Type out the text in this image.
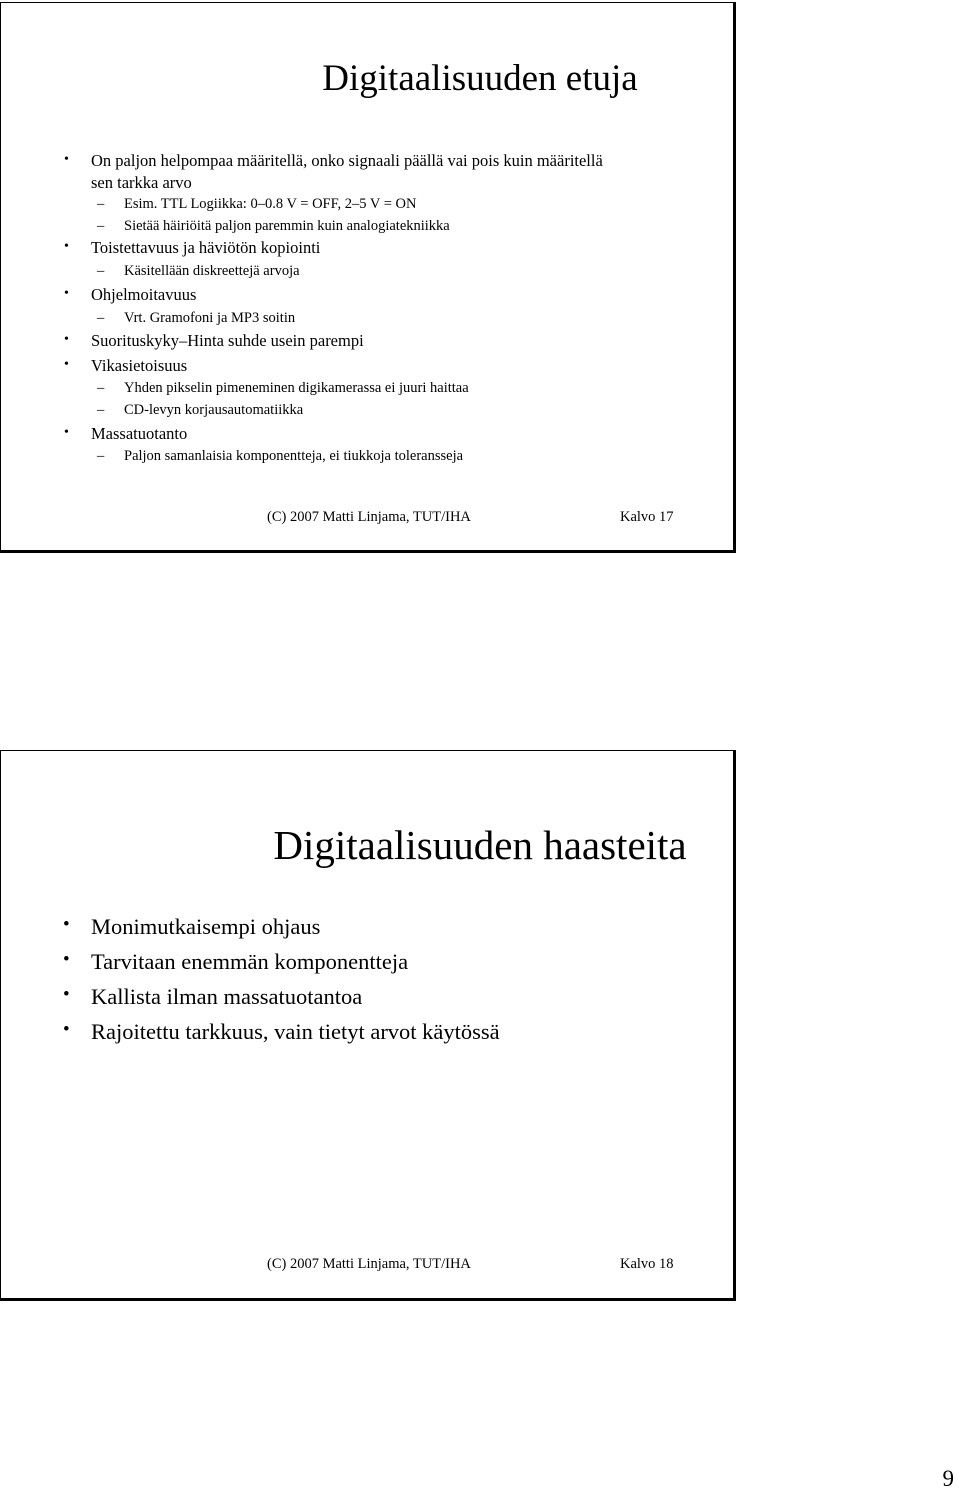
Digitaalisuuden etuja
• On paljon helpompaa määritellä, onko signaali päällä vai pois kuin määritellä
sen tarkka arvo
– Esim. TTL Logiikka: 0–0.8 V = OFF, 2–5 V = ON
– Sietää häiriöitä paljon paremmin kuin analogiatekniikka
• Toistettavuus ja häviötön kopiointi
– Käsitellään diskreettejä arvoja
• Ohjelmoitavuus
– Vrt. Gramofoni ja MP3 soitin
• Suorituskyky–Hinta suhde usein parempi
• Vikasietoisuus
– Yhden pikselin pimeneminen digikamerassa ei juuri haittaa
– CD-levyn korjausautomatiikka
• Massatuotanto
– Paljon samanlaisia komponentteja, ei tiukkoja toleransseja
(C) 2007 Matti Linjama, TUT/IHA	Kalvo 17
Digitaalisuuden haasteita
• Monimutkaisempi ohjaus
• Tarvitaan enemmän komponentteja
• Kallista ilman massatuotantoa
• Rajoitettu tarkkuus, vain tietyt arvot käytössä
(C) 2007 Matti Linjama, TUT/IHA	Kalvo 18
9
